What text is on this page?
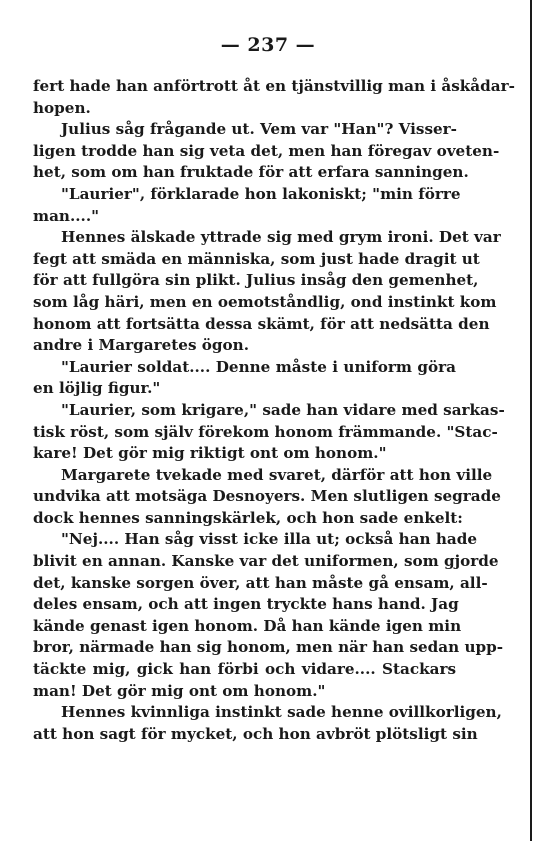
— 237 —
fert hade han anförtrott åt en tjänstvillig man i åskådar-
hopen.
Julius såg frågande ut. Vem var "Han"? Visser-
ligen trodde han sig veta det, men han föregav oveten-
het, som om han fruktade för att erfara sanningen.
"Laurier", förklarade hon lakoniskt; "min förre
man...."
Hennes älskade yttrade sig med grym ironi. Det var
fegt att smäda en människa, som just hade dragit ut
för att fullgöra sin plikt. Julius insåg den gemenhet,
som låg häri, men en oemotståndlig, ond instinkt kom
honom att fortsätta dessa skämt, för att nedsätta den
andre i Margaretes ögon.
"Laurier soldat.... Denne måste i uniform göra
en löjlig figur."
"Laurier, som krigare," sade han vidare med sarkas-
tisk röst, som själv förekom honom främmande. "Stac-
kare! Det gör mig riktigt ont om honom."
Margarete tvekade med svaret, därför att hon ville
undvika att motsäga Desnoyers. Men slutligen segrade
dock hennes sanningskärlek, och hon sade enkelt:
"Nej.... Han såg visst icke illa ut; också han hade
blivit en annan. Kanske var det uniformen, som gjorde
det, kanske sorgen över, att han måste gå ensam, all-
deles ensam, och att ingen tryckte hans hand. Jag
kände genast igen honom. Då han kände igen min
bror, närmade han sig honom, men när han sedan upp-
täckte mig, gick han förbi och vidare.... Stackars
man! Det gör mig ont om honom."
Hennes kvinnliga instinkt sade henne ovillkorligen,
att hon sagt för mycket, och hon avbröt plötsligt sin
